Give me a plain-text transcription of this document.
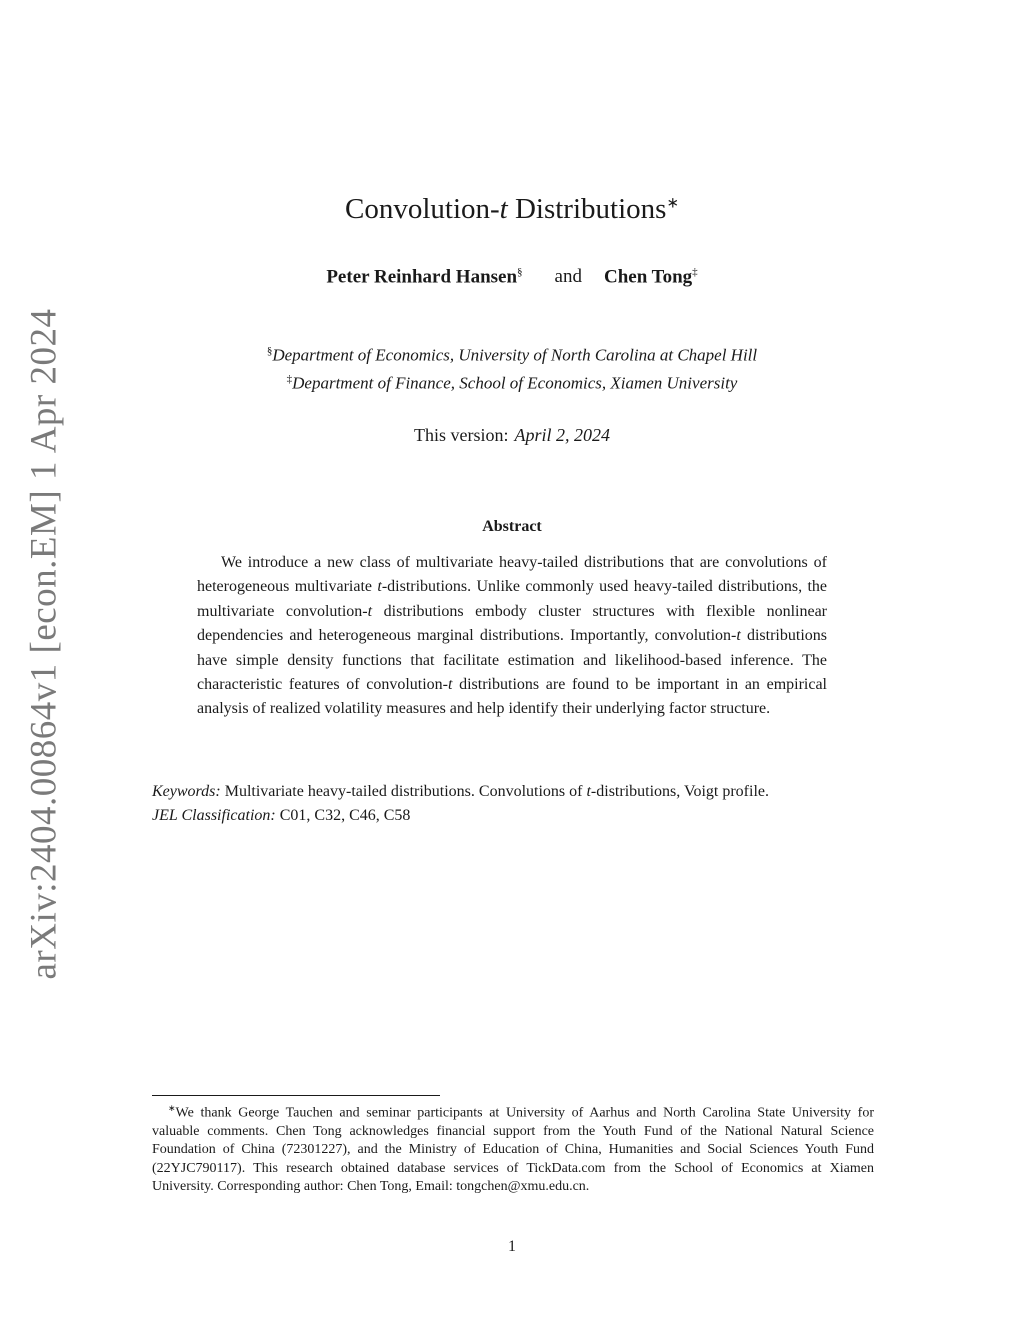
arXiv:2404.00864v1 [econ.EM] 1 Apr 2024
Convolution-t Distributions∗
Peter Reinhard Hansen§ and Chen Tong‡
§Department of Economics, University of North Carolina at Chapel Hill
‡Department of Finance, School of Economics, Xiamen University
This version: April 2, 2024
Abstract
We introduce a new class of multivariate heavy-tailed distributions that are convolutions of heterogeneous multivariate t-distributions. Unlike commonly used heavy-tailed distributions, the multivariate convolution-t distributions embody cluster structures with flexible nonlinear dependencies and heterogeneous marginal distributions. Importantly, convolution-t distributions have simple density functions that facilitate estimation and likelihood-based inference. The characteristic features of convolution-t distributions are found to be important in an empirical analysis of realized volatility measures and help identify their underlying factor structure.
Keywords: Multivariate heavy-tailed distributions. Convolutions of t-distributions, Voigt profile.
JEL Classification: C01, C32, C46, C58
∗We thank George Tauchen and seminar participants at University of Aarhus and North Carolina State University for valuable comments. Chen Tong acknowledges financial support from the Youth Fund of the National Natural Science Foundation of China (72301227), and the Ministry of Education of China, Humanities and Social Sciences Youth Fund (22YJC790117). This research obtained database services of TickData.com from the School of Economics at Xiamen University. Corresponding author: Chen Tong, Email: tongchen@xmu.edu.cn.
1
